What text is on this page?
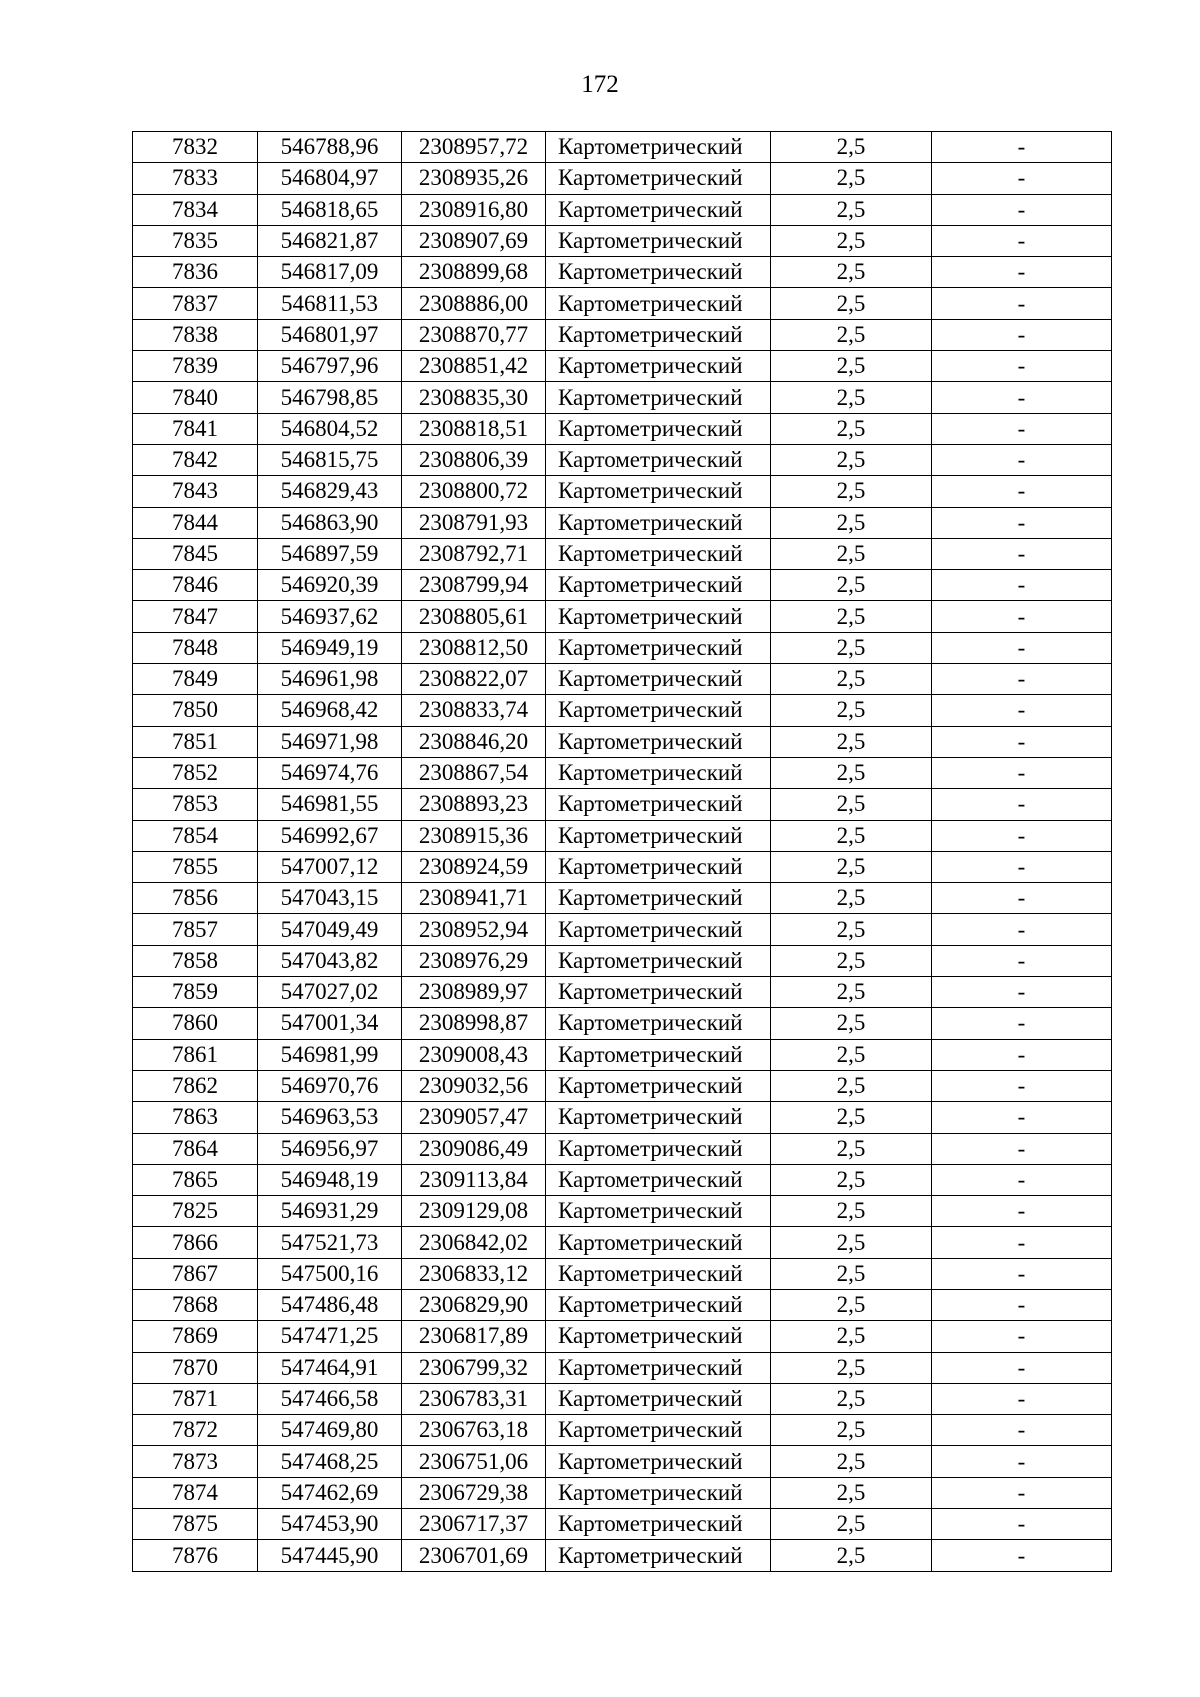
172
7832	546788,96	2308957,72	Картометрический	2,5	-
7833	546804,97	2308935,26	Картометрический	2,5	-
7834	546818,65	2308916,80	Картометрический	2,5	-
7835	546821,87	2308907,69	Картометрический	2,5	-
7836	546817,09	2308899,68	Картометрический	2,5	-
7837	546811,53	2308886,00	Картометрический	2,5	-
7838	546801,97	2308870,77	Картометрический	2,5	-
7839	546797,96	2308851,42	Картометрический	2,5	-
7840	546798,85	2308835,30	Картометрический	2,5	-
7841	546804,52	2308818,51	Картометрический	2,5	-
7842	546815,75	2308806,39	Картометрический	2,5	-
7843	546829,43	2308800,72	Картометрический	2,5	-
7844	546863,90	2308791,93	Картометрический	2,5	-
7845	546897,59	2308792,71	Картометрический	2,5	-
7846	546920,39	2308799,94	Картометрический	2,5	-
7847	546937,62	2308805,61	Картометрический	2,5	-
7848	546949,19	2308812,50	Картометрический	2,5	-
7849	546961,98	2308822,07	Картометрический	2,5	-
7850	546968,42	2308833,74	Картометрический	2,5	-
7851	546971,98	2308846,20	Картометрический	2,5	-
7852	546974,76	2308867,54	Картометрический	2,5	-
7853	546981,55	2308893,23	Картометрический	2,5	-
7854	546992,67	2308915,36	Картометрический	2,5	-
7855	547007,12	2308924,59	Картометрический	2,5	-
7856	547043,15	2308941,71	Картометрический	2,5	-
7857	547049,49	2308952,94	Картометрический	2,5	-
7858	547043,82	2308976,29	Картометрический	2,5	-
7859	547027,02	2308989,97	Картометрический	2,5	-
7860	547001,34	2308998,87	Картометрический	2,5	-
7861	546981,99	2309008,43	Картометрический	2,5	-
7862	546970,76	2309032,56	Картометрический	2,5	-
7863	546963,53	2309057,47	Картометрический	2,5	-
7864	546956,97	2309086,49	Картометрический	2,5	-
7865	546948,19	2309113,84	Картометрический	2,5	-
7825	546931,29	2309129,08	Картометрический	2,5	-
7866	547521,73	2306842,02	Картометрический	2,5	-
7867	547500,16	2306833,12	Картометрический	2,5	-
7868	547486,48	2306829,90	Картометрический	2,5	-
7869	547471,25	2306817,89	Картометрический	2,5	-
7870	547464,91	2306799,32	Картометрический	2,5	-
7871	547466,58	2306783,31	Картометрический	2,5	-
7872	547469,80	2306763,18	Картометрический	2,5	-
7873	547468,25	2306751,06	Картометрический	2,5	-
7874	547462,69	2306729,38	Картометрический	2,5	-
7875	547453,90	2306717,37	Картометрический	2,5	-
7876	547445,90	2306701,69	Картометрический	2,5	-
